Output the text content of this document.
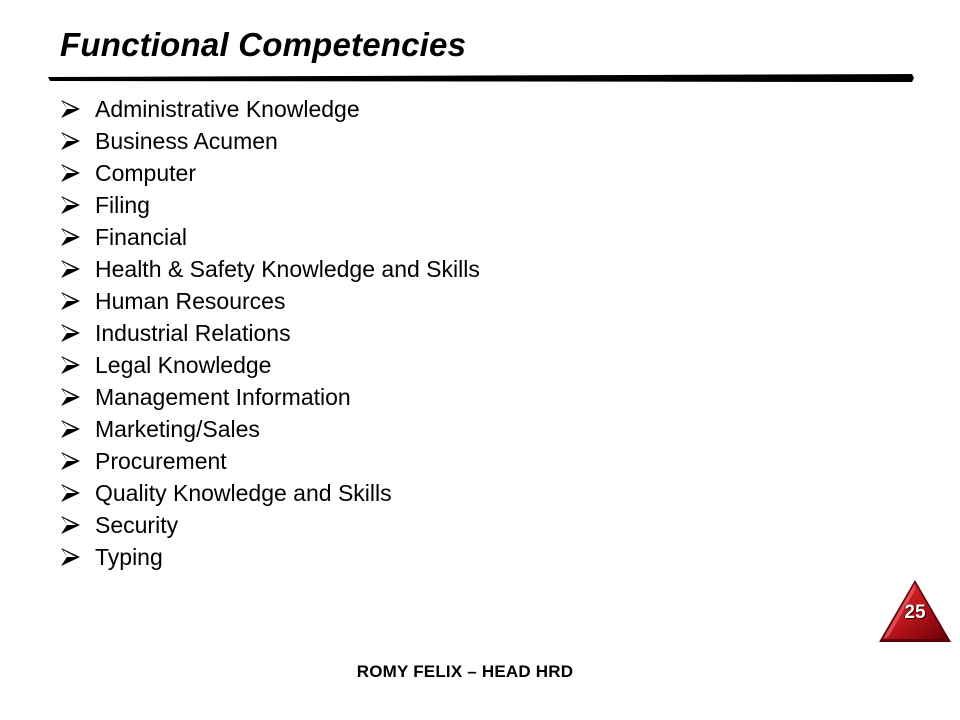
Functional Competencies
Administrative Knowledge
Business Acumen
Computer
Filing
Financial
Health & Safety Knowledge and Skills
Human Resources
Industrial Relations
Legal Knowledge
Management Information
Marketing/Sales
Procurement
Quality Knowledge and Skills
Security
Typing
25
ROMY FELIX – HEAD HRD
